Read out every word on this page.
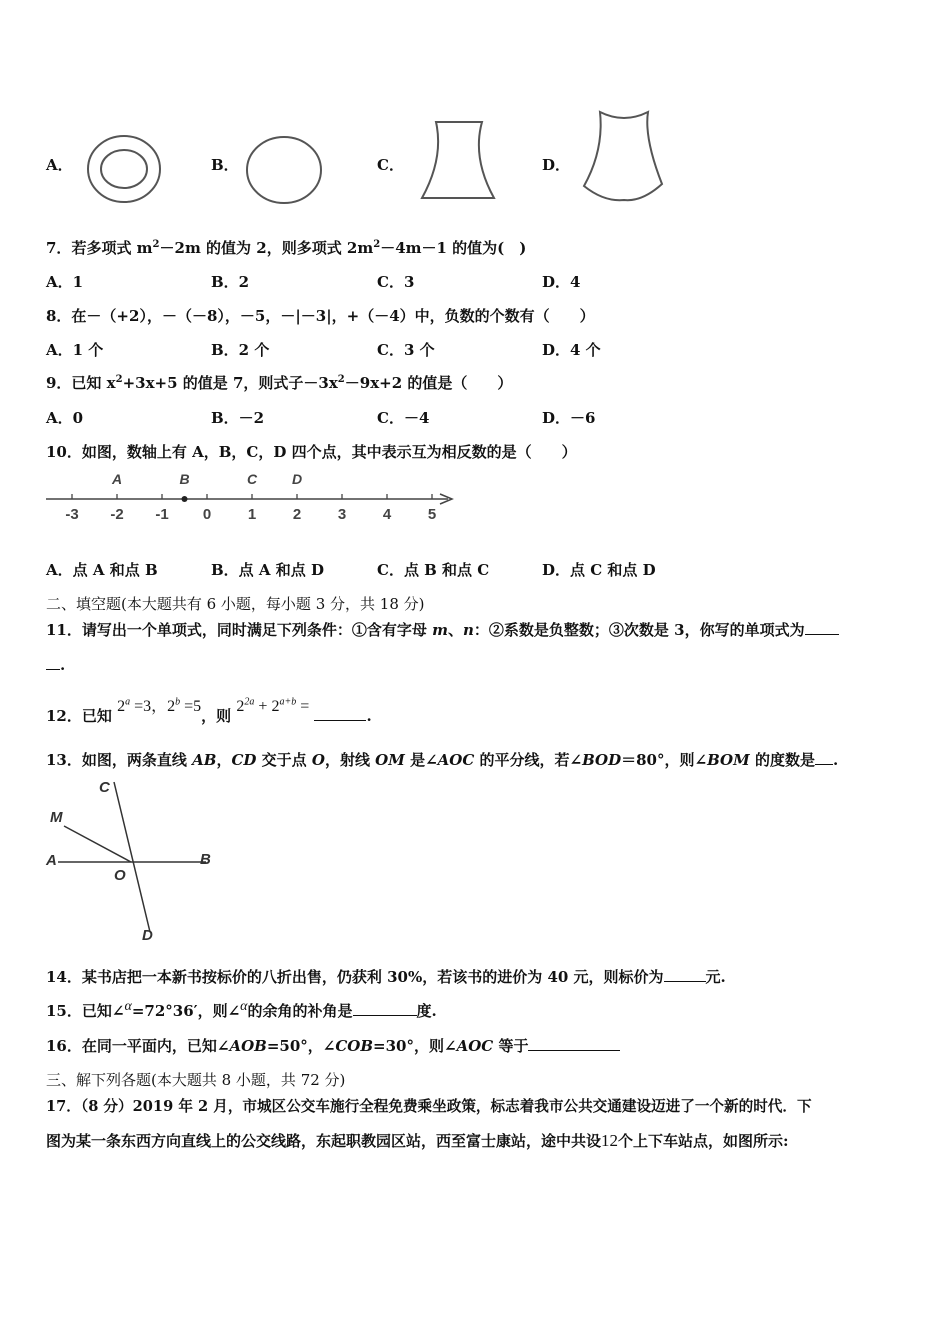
A．	B．	C．	D．
7．若多项式 $m^2-2m$ 的值为 2，则多项式 $2m^2-4m-1$ 的值为(　)
A．1	B．2	C．3	D．4
8．在－（+2），－（－8），－5，－|－3|，+（－4）中，负数的个数有（　　）
A．1 个	B．2 个	C．3 个	D．4 个
9．已知 $x^2+3x+5$ 的值是 7，则式子$-3x^2-9x+2$ 的值是（　　）
A．0	B．－2	C．－4	D．－6
10．如图，数轴上有 A，B，C，D 四个点，其中表示互为相反数的是（　　）
-3 -2 -1 0 1 2 3 4 5
A	B	C D
A．点 A 和点 B	B．点 A 和点 D	C．点 B 和点 C	D．点 C 和点 D
二、填空题(本大题共有 6 小题，每小题 3 分，共 18 分)
11．请写出一个单项式，同时满足下列条件：①含有字母 m、n：②系数是负整数；③次数是 3，你写的单项式为
.
12．已知 $2^a =3$，$2^b =5$，则 $2^{2a} + 2^{a+b}$ = .
13．如图，两条直线 AB，CD 交于点 O，射线 OM 是∠AOC 的平分线，若∠BOD＝80°，则∠BOM 的度数是 .
C
M
A
O
B
D
14．某书店把一本新书按标价的八折出售，仍获利 30%，若该书的进价为 40 元，则标价为	元.
15．已知∠α=72°36′，则∠α的余角的补角是	度.
16．在同一平面内，已知∠AOB=50°，∠COB=30°，则∠AOC 等于
三、解下列各题(本大题共 8 小题，共 72 分)
17．（8 分）2019 年 2 月，市城区公交车施行全程免费乘坐政策，标志着我市公共交通建设迈进了一个新的时代．下
图为某一条东西方向直线上的公交线路，东起职教园区站，西至富士康站，途中共设12个上下车站点，如图所示:
